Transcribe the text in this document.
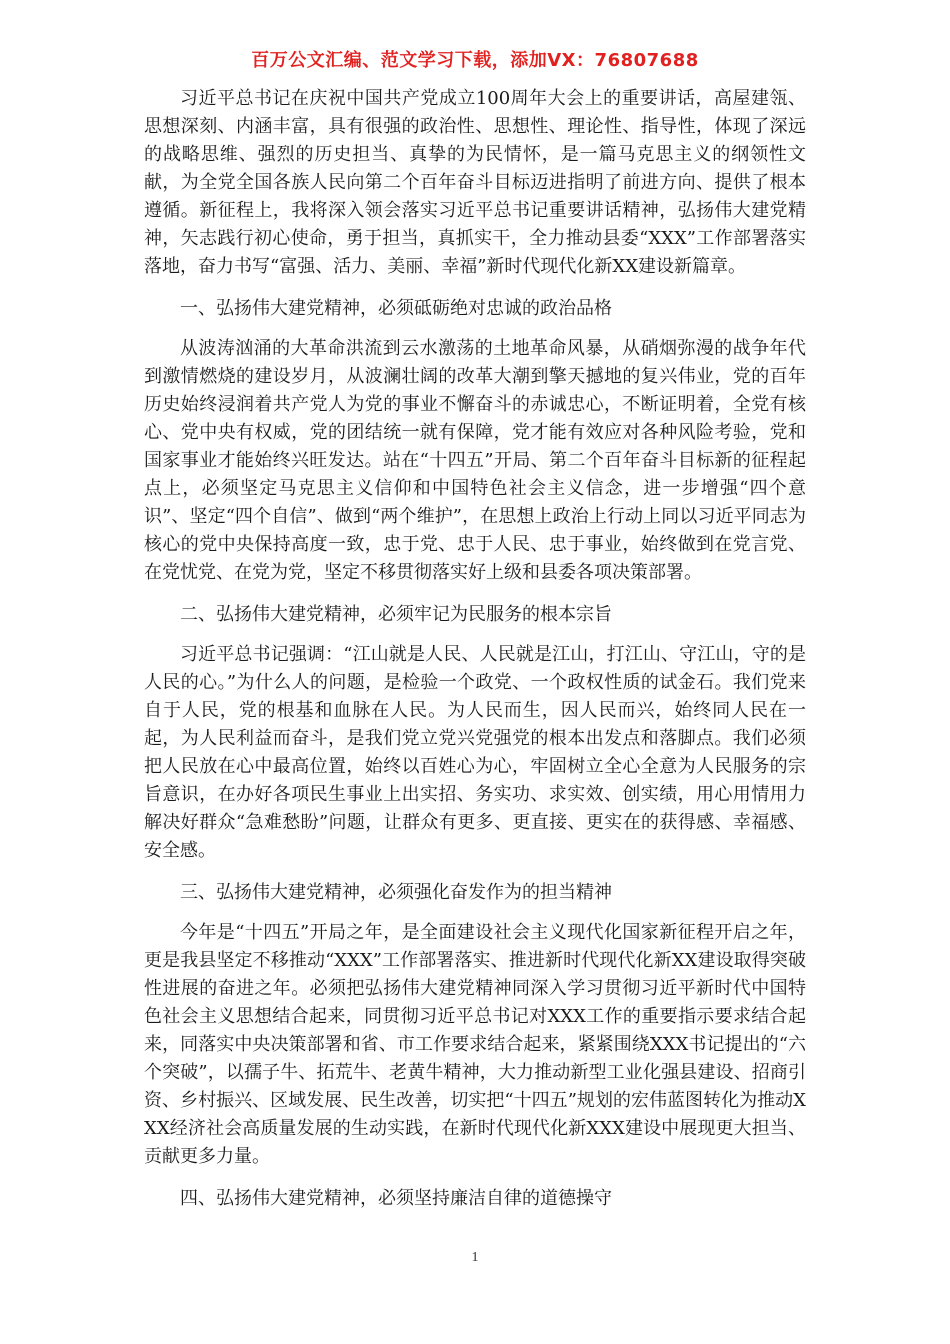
百万公文汇编、范文学习下载，添加VX：76807688

习近平总书记在庆祝中国共产党成立100周年大会上的重要讲话，高屋建瓴、思想深刻、内涵丰富，具有很强的政治性、思想性、理论性、指导性，体现了深远的战略思维、强烈的历史担当、真挚的为民情怀，是一篇马克思主义的纲领性文献，为全党全国各族人民向第二个百年奋斗目标迈进指明了前进方向、提供了根本遵循。新征程上，我将深入领会落实习近平总书记重要讲话精神，弘扬伟大建党精神，矢志践行初心使命，勇于担当，真抓实干，全力推动县委“XXX”工作部署落实落地，奋力书写“富强、活力、美丽、幸福”新时代现代化新XX建设新篇章。

一、弘扬伟大建党精神，必须砥砺绝对忠诚的政治品格

从波涛汹涌的大革命洪流到云水激荡的土地革命风暴，从硝烟弥漫的战争年代到激情燃烧的建设岁月，从波澜壮阔的改革大潮到擎天撼地的复兴伟业，党的百年历史始终浸润着共产党人为党的事业不懈奋斗的赤诚忠心，不断证明着，全党有核心、党中央有权威，党的团结统一就有保障，党才能有效应对各种风险考验，党和国家事业才能始终兴旺发达。站在“十四五”开局、第二个百年奋斗目标新的征程起点上，必须坚定马克思主义信仰和中国特色社会主义信念，进一步增强“四个意识”、坚定“四个自信”、做到“两个维护”，在思想上政治上行动上同以习近平同志为核心的党中央保持高度一致，忠于党、忠于人民、忠于事业，始终做到在党言党、在党忧党、在党为党，坚定不移贯彻落实好上级和县委各项决策部署。

二、弘扬伟大建党精神，必须牢记为民服务的根本宗旨

习近平总书记强调：“江山就是人民、人民就是江山，打江山、守江山，守的是人民的心。”为什么人的问题，是检验一个政党、一个政权性质的试金石。我们党来自于人民，党的根基和血脉在人民。为人民而生，因人民而兴，始终同人民在一起，为人民利益而奋斗，是我们党立党兴党强党的根本出发点和落脚点。我们必须把人民放在心中最高位置，始终以百姓心为心，牢固树立全心全意为人民服务的宗旨意识，在办好各项民生事业上出实招、务实功、求实效、创实绩，用心用情用力解决好群众“急难愁盼”问题，让群众有更多、更直接、更实在的获得感、幸福感、安全感。

三、弘扬伟大建党精神，必须强化奋发作为的担当精神

今年是“十四五”开局之年，是全面建设社会主义现代化国家新征程开启之年，更是我县坚定不移推动“XXX”工作部署落实、推进新时代现代化新XX建设取得突破性进展的奋进之年。必须把弘扬伟大建党精神同深入学习贯彻习近平新时代中国特色社会主义思想结合起来，同贯彻习近平总书记对XXX工作的重要指示要求结合起来，同落实中央决策部署和省、市工作要求结合起来，紧紧围绕XXX书记提出的“六个突破”，以孺子牛、拓荒牛、老黄牛精神，大力推动新型工业化强县建设、招商引资、乡村振兴、区域发展、民生改善，切实把“十四五”规划的宏伟蓝图转化为推动XXX经济社会高质量发展的生动实践，在新时代现代化新XXX建设中展现更大担当、贡献更多力量。

四、弘扬伟大建党精神，必须坚持廉洁自律的道德操守

1
